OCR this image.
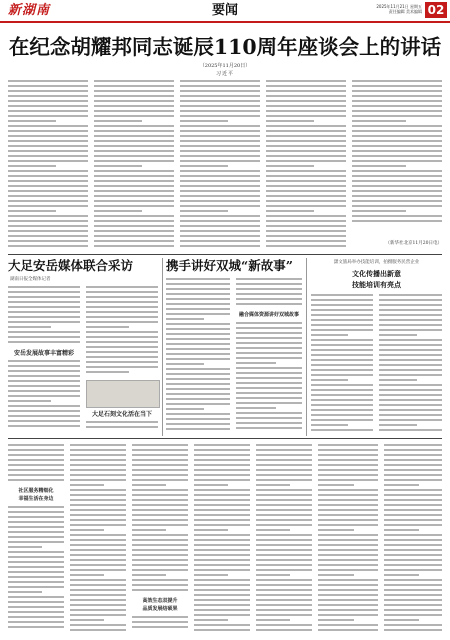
新湖南	要闻	2025年11月21日 星期五
责任编辑 美术编辑 02
在纪念胡耀邦同志诞辰110周年座谈会上的讲话
（2025年11月20日）
习近平
（新华社北京11月20日电）
大足安岳媒体联合采访
湖南日报全媒体记者
安岳发展故事丰富精彩
大足石刻文化活在当下
携手讲好双城“新故事”
融合媒体资源讲好双城故事
潇文旅局举办技能培训，拍摄服务民营企业
文化传播出新意
技能培训有亮点
社区服务精细化
幸福生活在身边
高效生态双提升
品质发展结硕果
